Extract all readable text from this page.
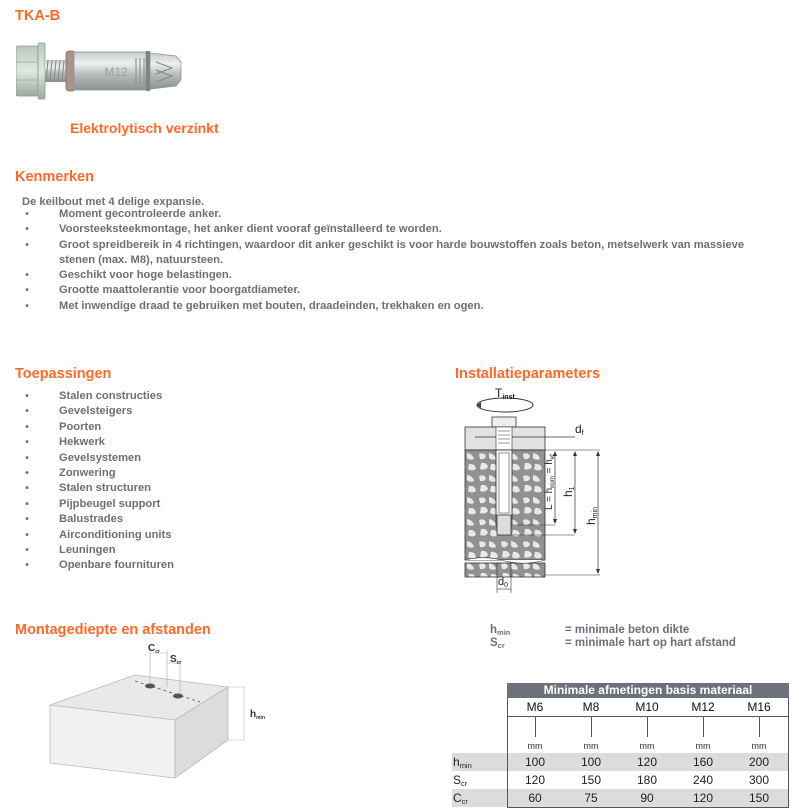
TKA-B
M12
Elektrolytisch verzinkt
Kenmerken
De keilbout met 4 delige expansie.
•	Moment gecontroleerde anker.
•	Voorsteeksteekmontage, het anker dient vooraf geïnstalleerd te worden.
•	Groot spreidbereik in 4 richtingen, waardoor dit anker geschikt is voor harde bouwstoffen zoals beton, metselwerk van massieve
stenen (max. M8), natuursteen.
•	Geschikt voor hoge belastingen.
•	Grootte maattolerantie voor boorgatdiameter.
•	Met inwendige draad te gebruiken met bouten, draadeinden, trekhaken en ogen.
Toepassingen
•	Stalen constructies
•	Gevelsteigers
•	Poorten
•	Hekwerk
•	Gevelsystemen
•	Zonwering
•	Stalen structuren
•	Pijpbeugel support
•	Balustrades
•	Airconditioning units
•	Leuningen
•	Openbare fournituren
Installatieparameters
Tinst
df
$L = h_{nom} = h_{ef}$
h1
hmin
d0
Montagediepte en afstanden
$C_{cr}$
$S_{cr}$
$h_{min}$
$h_{min}$	= minimale beton dikte
$S_{cr}$	= minimale hart op hart afstand
Minimale afmetingen basis materiaal
M6	M8	M10	M12	M16
mm	mm	mm	mm	mm
$h_{min}$	100	100	120	160	200
$S_{cr}$	120	150	180	240	300
$C_{cr}$	60	75	90	120	150
